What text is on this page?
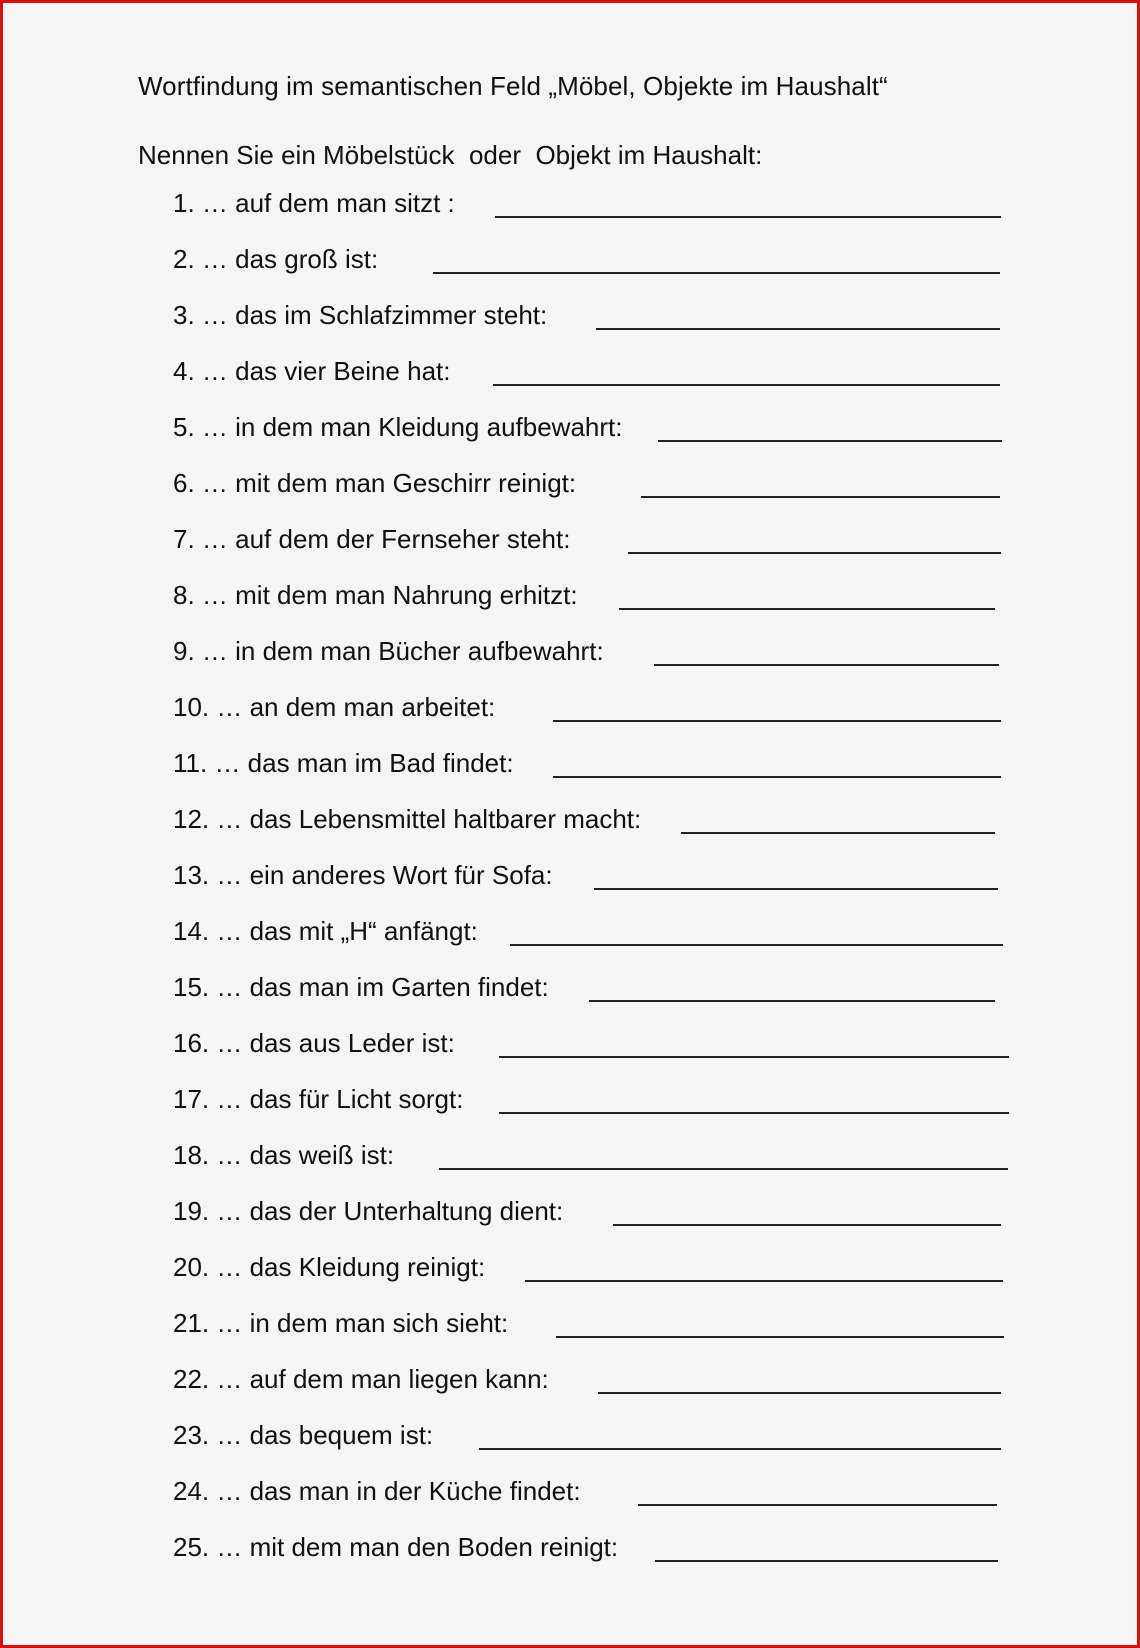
Wortfindung im semantischen Feld „Möbel, Objekte im Haushalt“
Nennen Sie ein Möbelstück  oder  Objekt im Haushalt:
1. … auf dem man sitzt :
2. … das groß ist:
3. … das im Schlafzimmer steht:
4. … das vier Beine hat:
5. … in dem man Kleidung aufbewahrt:
6. … mit dem man Geschirr reinigt:
7. … auf dem der Fernseher steht:
8. … mit dem man Nahrung erhitzt:
9. … in dem man Bücher aufbewahrt:
10. … an dem man arbeitet:
11. … das man im Bad findet:
12. … das Lebensmittel haltbarer macht:
13. … ein anderes Wort für Sofa:
14. … das mit „H“ anfängt:
15. … das man im Garten findet:
16. … das aus Leder ist:
17. … das für Licht sorgt:
18. … das weiß ist:
19. … das der Unterhaltung dient:
20. … das Kleidung reinigt:
21. … in dem man sich sieht:
22. … auf dem man liegen kann:
23. … das bequem ist:
24. … das man in der Küche findet:
25. … mit dem man den Boden reinigt:
